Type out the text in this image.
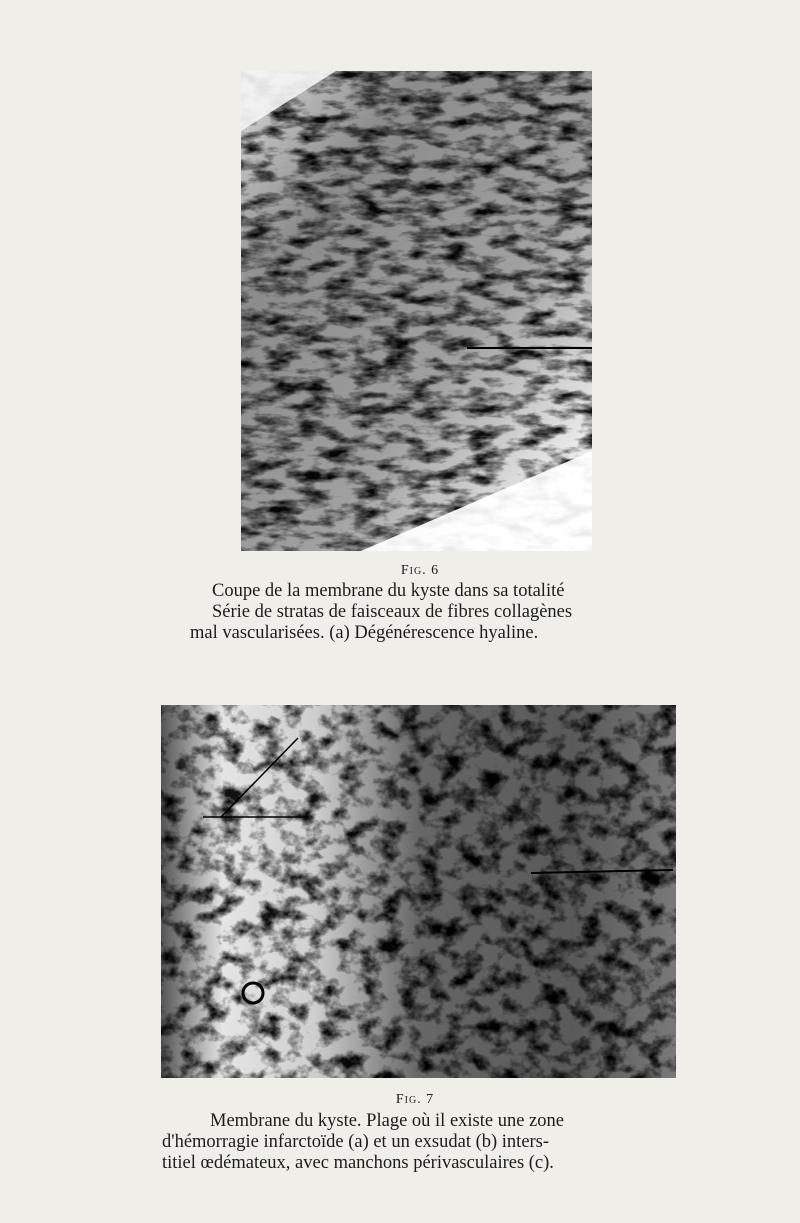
Fig. 6
Coupe de la membrane du kyste dans sa totalité
Série de stratas de faisceaux de fibres collagènes
mal vascularisées. (a) Dégénérescence hyaline.
Fig. 7
Membrane du kyste. Plage où il existe une zone
d'hémorragie infarctoïde (a) et un exsudat (b) inters-
titiel œdémateux, avec manchons périvasculaires (c).
